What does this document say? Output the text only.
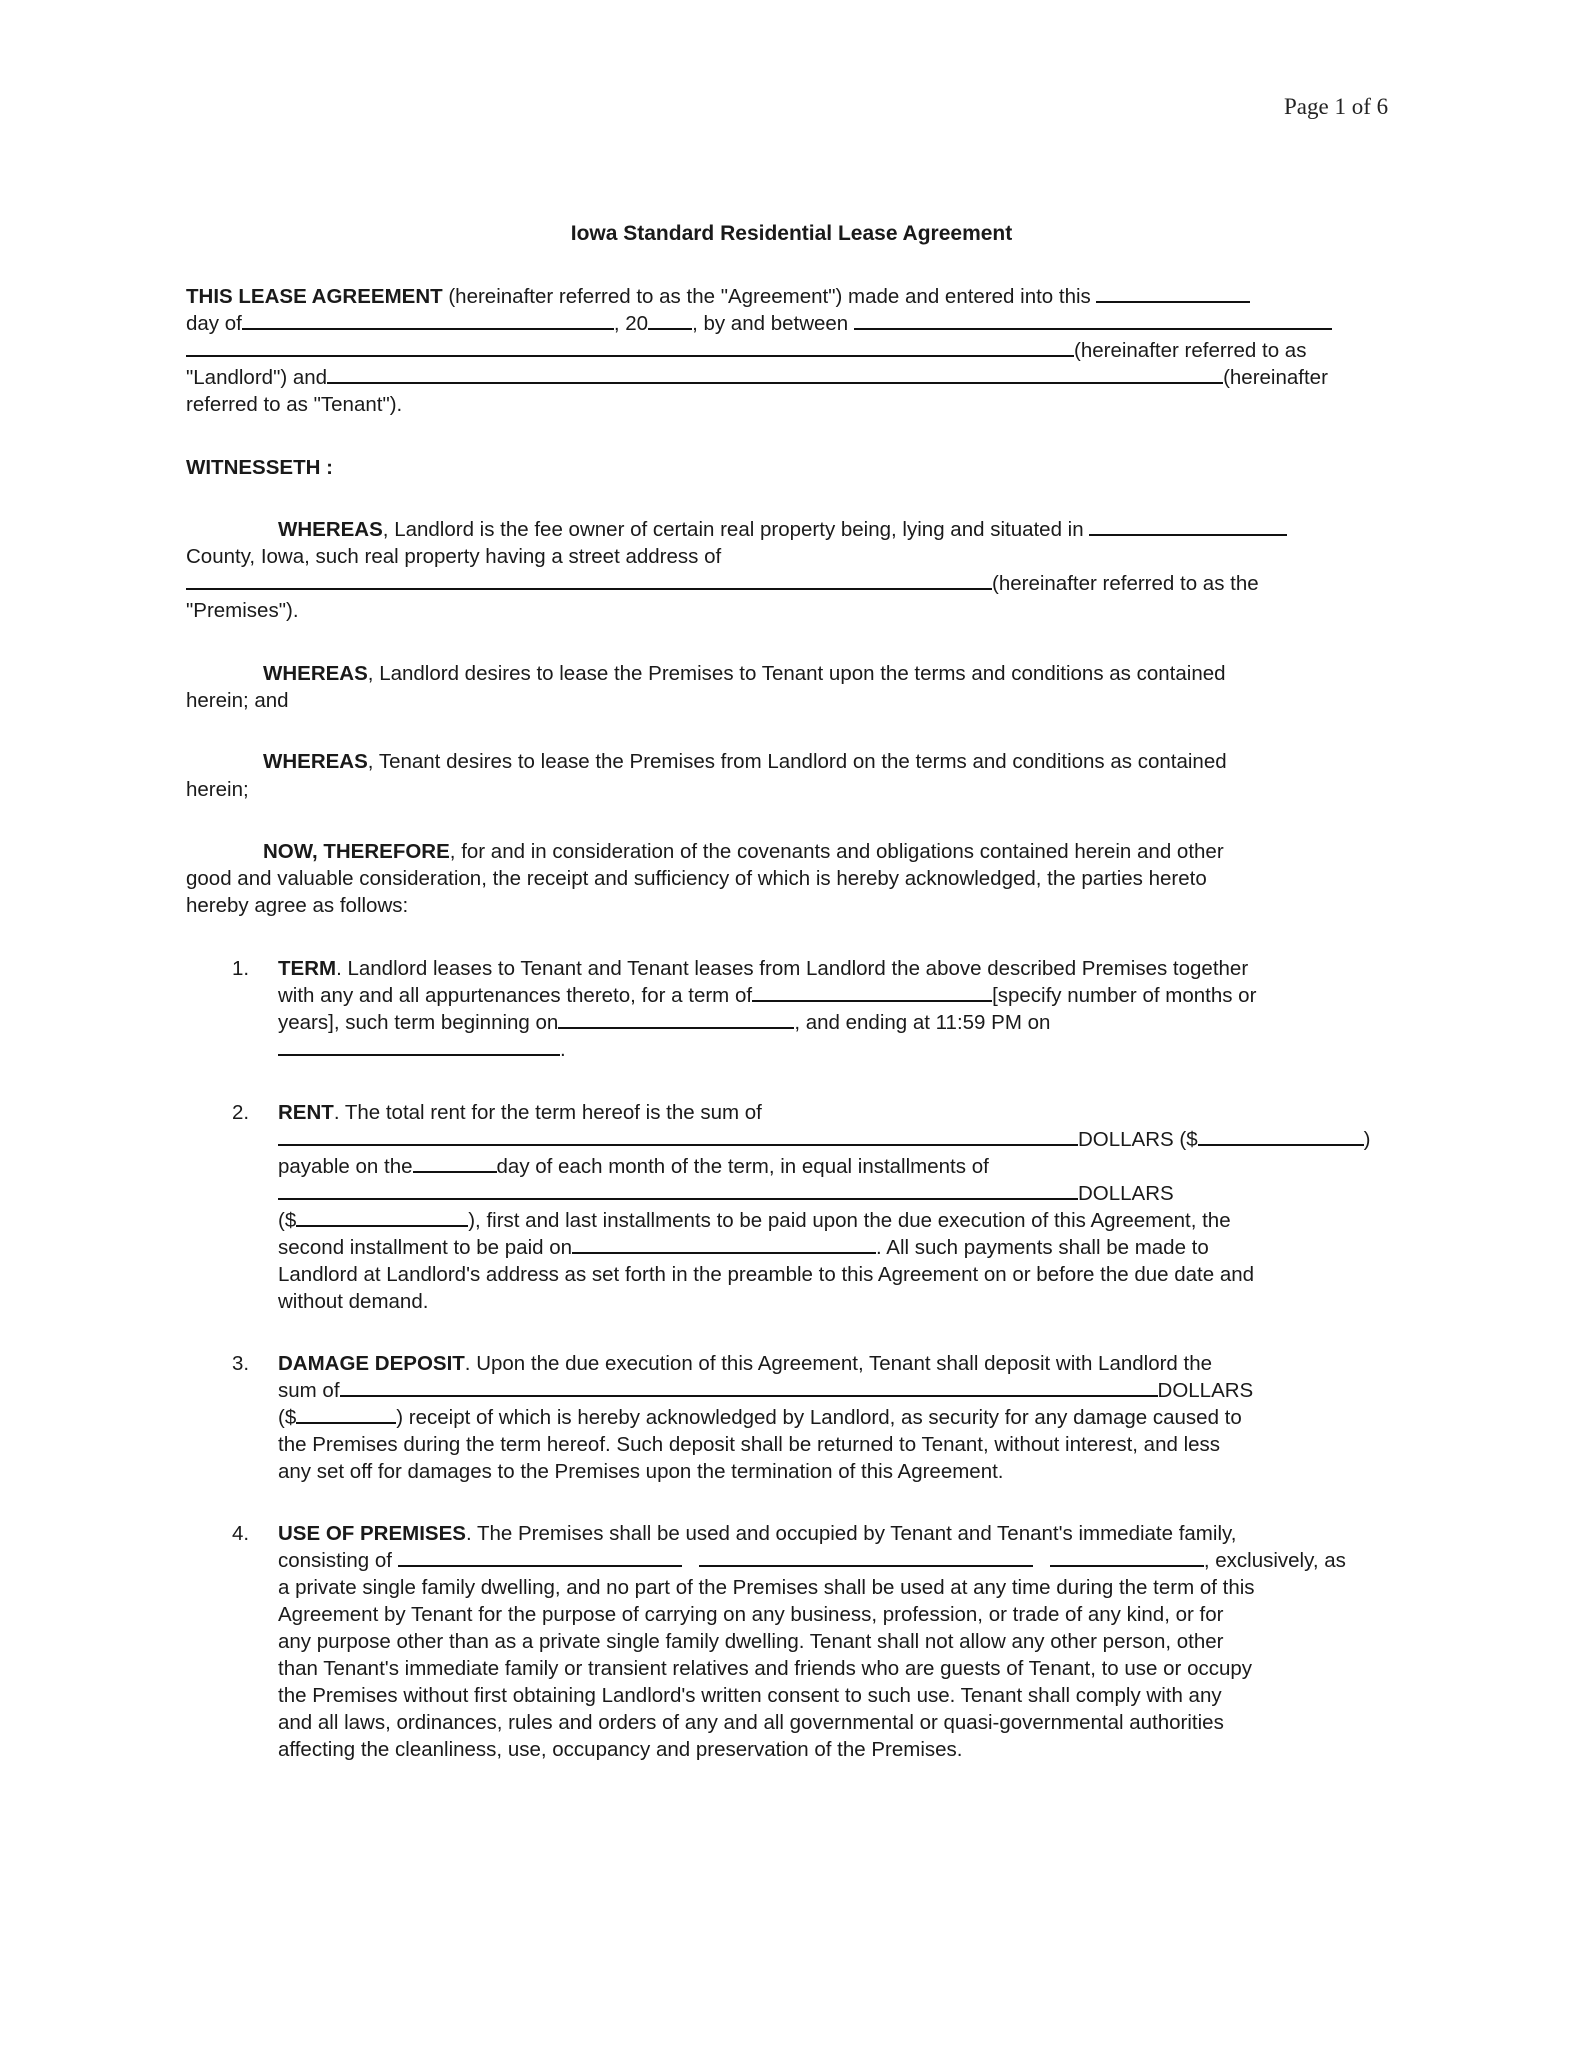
Page 1 of 6
Iowa Standard Residential Lease Agreement
THIS LEASE AGREEMENT (hereinafter referred to as the "Agreement") made and entered into this
day of	, 20 , by and between
(hereinafter referred to as
"Landlord") and	(hereinafter
referred to as "Tenant").
WITNESSETH :
WHEREAS, Landlord is the fee owner of certain real property being, lying and situated in
County, Iowa, such real property having a street address of
(hereinafter referred to as the
"Premises").
WHEREAS, Landlord desires to lease the Premises to Tenant upon the terms and conditions as contained
herein; and
WHEREAS, Tenant desires to lease the Premises from Landlord on the terms and conditions as contained
herein;
NOW, THEREFORE, for and in consideration of the covenants and obligations contained herein and other
good and valuable consideration, the receipt and sufficiency of which is hereby acknowledged, the parties hereto
hereby agree as follows:
1. TERM. Landlord leases to Tenant and Tenant leases from Landlord the above described Premises together
with any and all appurtenances thereto, for a term of	[specify number of months or
years], such term beginning on	, and ending at 11:59 PM on
.
2. RENT. The total rent for the term hereof is the sum of
DOLLARS ($	)
payable on the	day of each month of the term, in equal installments of
DOLLARS
($	), first and last installments to be paid upon the due execution of this Agreement, the
second installment to be paid on	. All such payments shall be made to
Landlord at Landlord's address as set forth in the preamble to this Agreement on or before the due date and
without demand.
3. DAMAGE DEPOSIT. Upon the due execution of this Agreement, Tenant shall deposit with Landlord the
sum of	DOLLARS
($	) receipt of which is hereby acknowledged by Landlord, as security for any damage caused to
the Premises during the term hereof. Such deposit shall be returned to Tenant, without interest, and less
any set off for damages to the Premises upon the termination of this Agreement.
4. USE OF PREMISES. The Premises shall be used and occupied by Tenant and Tenant's immediate family,
consisting of	, exclusively, as
a private single family dwelling, and no part of the Premises shall be used at any time during the term of this
Agreement by Tenant for the purpose of carrying on any business, profession, or trade of any kind, or for
any purpose other than as a private single family dwelling. Tenant shall not allow any other person, other
than Tenant's immediate family or transient relatives and friends who are guests of Tenant, to use or occupy
the Premises without first obtaining Landlord's written consent to such use. Tenant shall comply with any
and all laws, ordinances, rules and orders of any and all governmental or quasi-governmental authorities
affecting the cleanliness, use, occupancy and preservation of the Premises.
